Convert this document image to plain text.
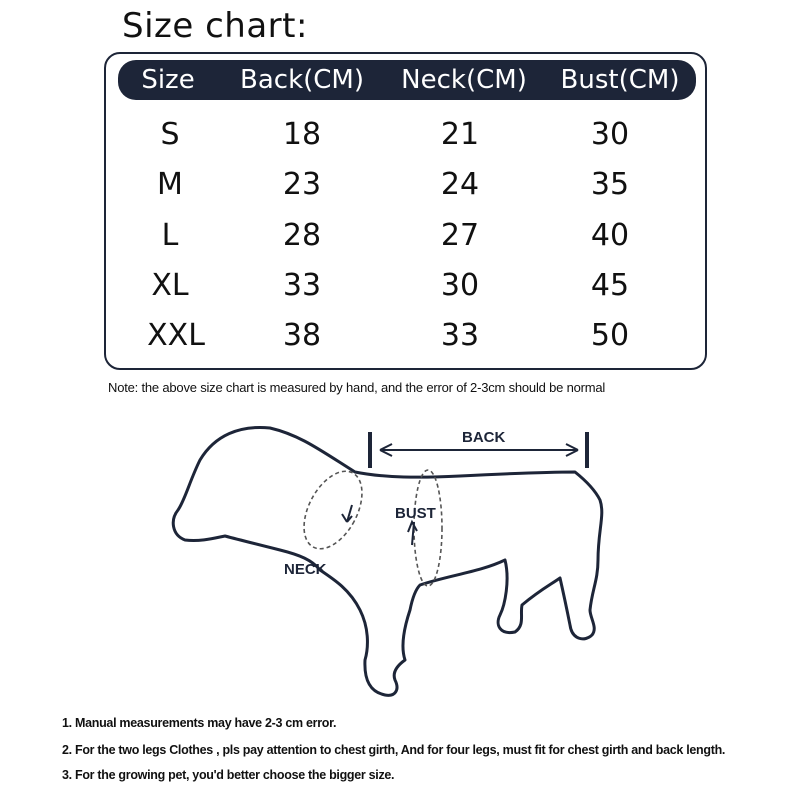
Size chart:
Size Back(CM) Neck(CM) Bust(CM)
S	18	21	30
M	23	24	35
L	28	27	40
XL	33	30	45
XXL	38	33	50
Note: the above size chart is measured by hand, and the error of 2-3cm should be normal
BACK
BUST
NECK
1. Manual measurements may have 2-3 cm error.
2. For the two legs Clothes , pls pay attention to chest girth, And for four legs, must fit for chest girth and back length.
3. For the growing pet, you'd better choose the bigger size.
